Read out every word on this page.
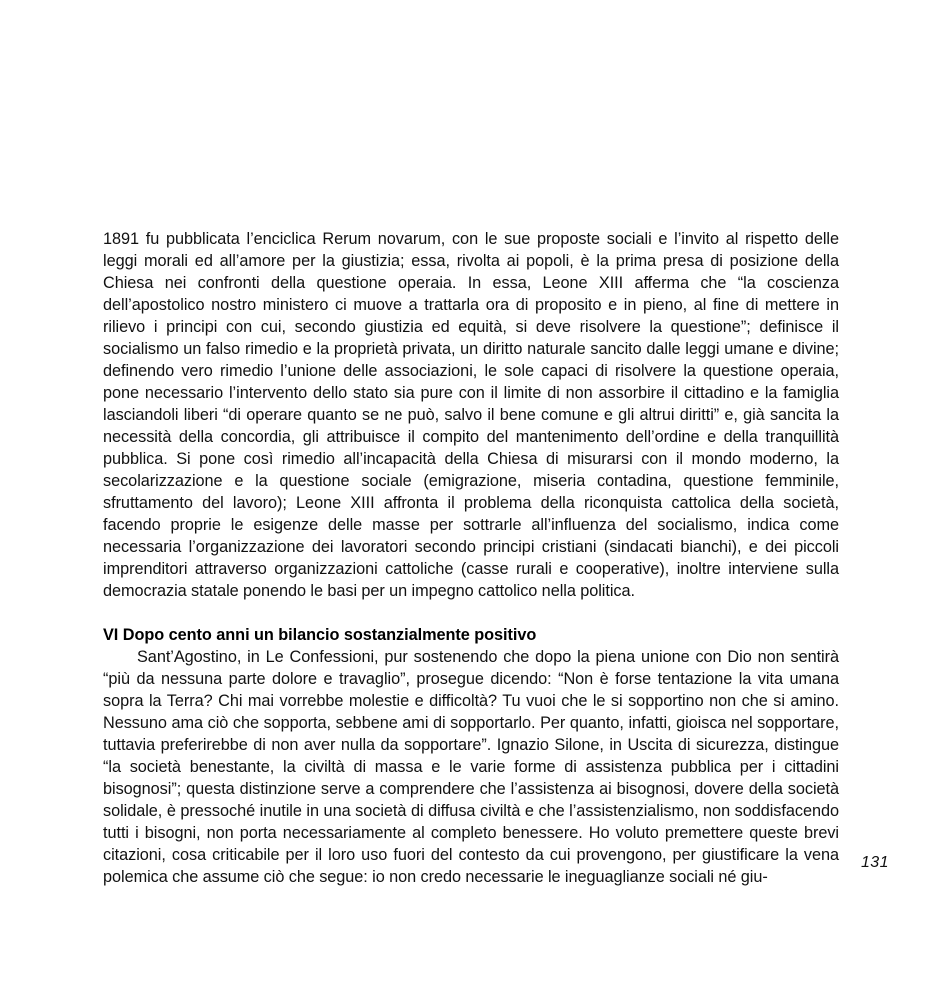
1891 fu pubblicata l’enciclica Rerum novarum, con le sue proposte sociali e l’invito al rispetto delle leggi morali ed all’amore per la giustizia; essa, rivolta ai popoli, è la prima presa di posizione della Chiesa nei confronti della questione operaia. In essa, Leone XIII afferma che “la coscienza dell’apostolico nostro ministero ci muove a trattarla ora di proposito e in pieno, al fine di mettere in rilievo i principi con cui, secondo giustizia ed equità, si deve risolvere la questione”; definisce il socialismo un falso rimedio e la proprietà privata, un diritto naturale sancito dalle leggi umane e divine; definendo vero rimedio l’unione delle associazioni, le sole capaci di risolvere la questione operaia, pone necessario l’intervento dello stato sia pure con il limite di non assorbire il cittadino e la famiglia lasciandoli liberi “di operare quanto se ne può, salvo il bene comune e gli altrui diritti” e, già sancita la necessità della concordia, gli attribuisce il compito del mantenimento dell’ordine e della tranquillità pubblica. Si pone così rimedio all’incapacità della Chiesa di misurarsi con il mondo moderno, la secolarizzazione e la questione sociale (emigrazione, miseria contadina, questione femminile, sfruttamento del lavoro); Leone XIII affronta il problema della riconquista cattolica della società, facendo proprie le esigenze delle masse per sottrarle all’influenza del socialismo, indica come necessaria l’organizzazione dei lavoratori secondo principi cristiani (sindacati bianchi), e dei piccoli imprenditori attraverso organizzazioni cattoliche (casse rurali e cooperative), inoltre interviene sulla democrazia statale ponendo le basi per un impegno cattolico nella politica.

VI Dopo cento anni un bilancio sostanzialmente positivo

Sant’Agostino, in Le Confessioni, pur sostenendo che dopo la piena unione con Dio non sentirà “più da nessuna parte dolore e travaglio”, prosegue dicendo: “Non è forse tentazione la vita umana sopra la Terra? Chi mai vorrebbe molestie e difficoltà? Tu vuoi che le si sopportino non che si amino. Nessuno ama ciò che sopporta, sebbene ami di sopportarlo. Per quanto, infatti, gioisca nel sopportare, tuttavia preferirebbe di non aver nulla da sopportare”. Ignazio Silone, in Uscita di sicurezza, distingue “la società benestante, la civiltà di massa e le varie forme di assistenza pubblica per i cittadini bisognosi”; questa distinzione serve a comprendere che l’assistenza ai bisognosi, dovere della società solidale, è pressoché inutile in una società di diffusa civiltà e che l’assistenzialismo, non soddisfacendo tutti i bisogni, non porta necessariamente al completo benessere. Ho voluto premettere queste brevi citazioni, cosa criticabile per il loro uso fuori del contesto da cui provengono, per giustificare la vena polemica che assume ciò che segue: io non credo necessarie le ineguaglianze sociali né giu-

131
